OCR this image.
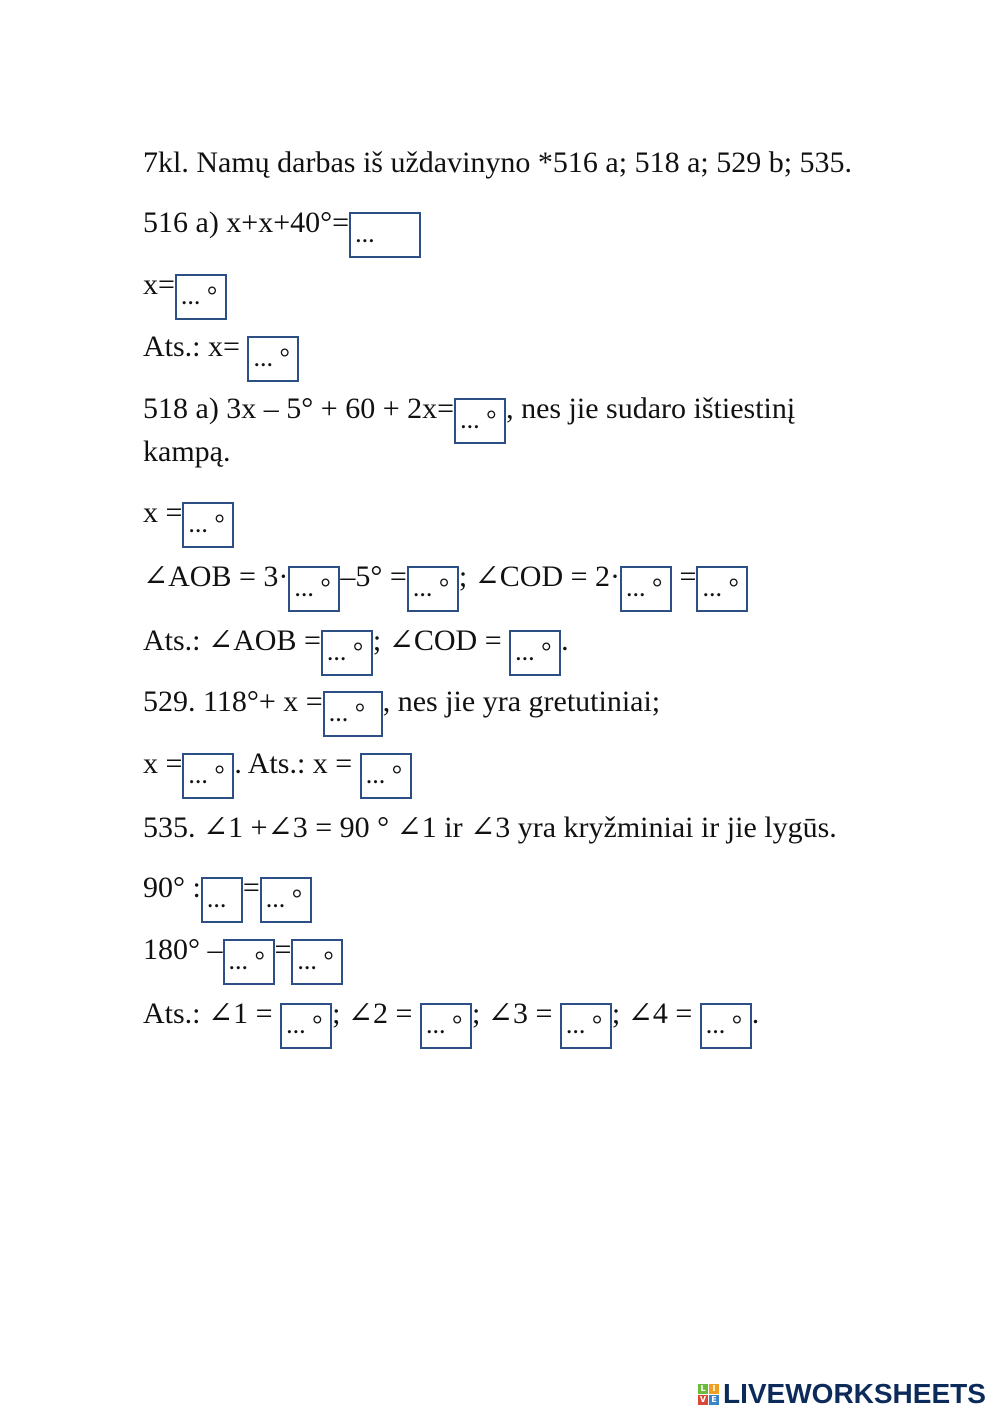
7kl. Namų darbas iš uždavinyno *516 a; 518 a; 529 b; 535.
516 a) x+x+40°= ...
x= ... °
Ats.: x= ... °
518 a) 3x – 5° + 60 + 2x= ... ° , nes jie sudaro ištiestinį
kampą.
x = ... °
∠AOB = 3· ... ° –5° = ... ° ; ∠COD = 2· ... ° = ... °
Ats.: ∠AOB = ... ° ; ∠COD = ... ° .
529. 118°+ x = ... ° , nes jie yra gretutiniai;
x = ... ° . Ats.: x = ... °
535. ∠1 +∠3 = 90 ° ∠1 ir ∠3 yra kryžminiai ir jie lygūs.
90° : ... = ... °
180° – ... ° = ... °
Ats.: ∠1 = ... ° ; ∠2 = ... ° ; ∠3 = ... ° ; ∠4 = ... ° .
L I
V E LIVEWORKSHEETS
